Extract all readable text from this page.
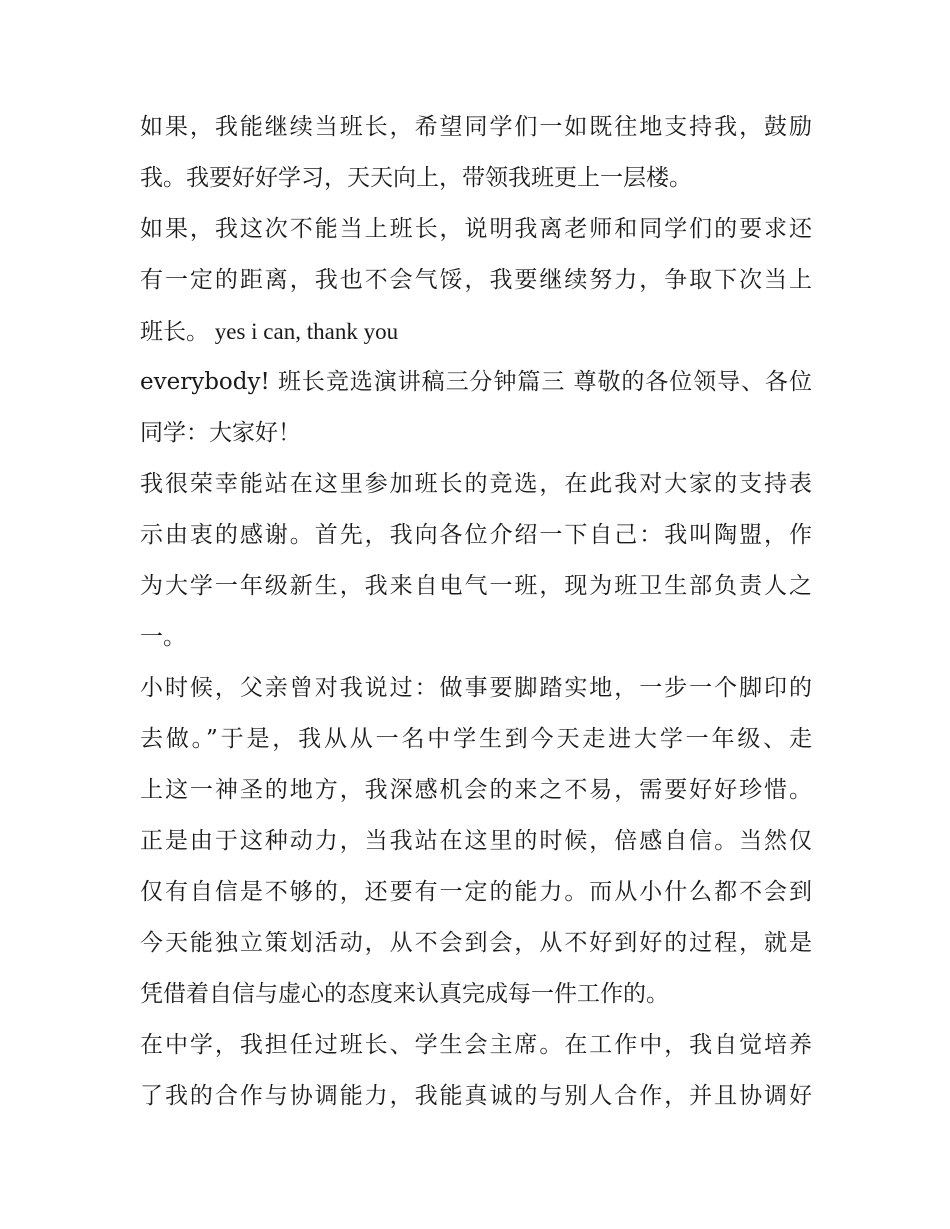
如果，我能继续当班长，希望同学们一如既往地支持我，鼓励
我。我要好好学习，天天向上，带领我班更上一层楼。
如果，我这次不能当上班长，说明我离老师和同学们的要求还
有一定的距离，我也不会气馁，我要继续努力，争取下次当上
班长。 yes i can, thank you
everybody! 班长竞选演讲稿三分钟篇三 尊敬的各位领导、各位
同学：大家好！
我很荣幸能站在这里参加班长的竞选，在此我对大家的支持表
示由衷的感谢。首先，我向各位介绍一下自己：我叫陶盟，作
为大学一年级新生，我来自电气一班，现为班卫生部负责人之
一。
小时候，父亲曾对我说过：做事要脚踏实地，一步一个脚印的
去做。”于是，我从从一名中学生到今天走进大学一年级、走
上这一神圣的地方，我深感机会的来之不易，需要好好珍惜。
正是由于这种动力，当我站在这里的时候，倍感自信。当然仅
仅有自信是不够的，还要有一定的能力。而从小什么都不会到
今天能独立策划活动，从不会到会，从不好到好的过程，就是
凭借着自信与虚心的态度来认真完成每一件工作的。
在中学，我担任过班长、学生会主席。在工作中，我自觉培养
了我的合作与协调能力，我能真诚的与别人合作，并且协调好
